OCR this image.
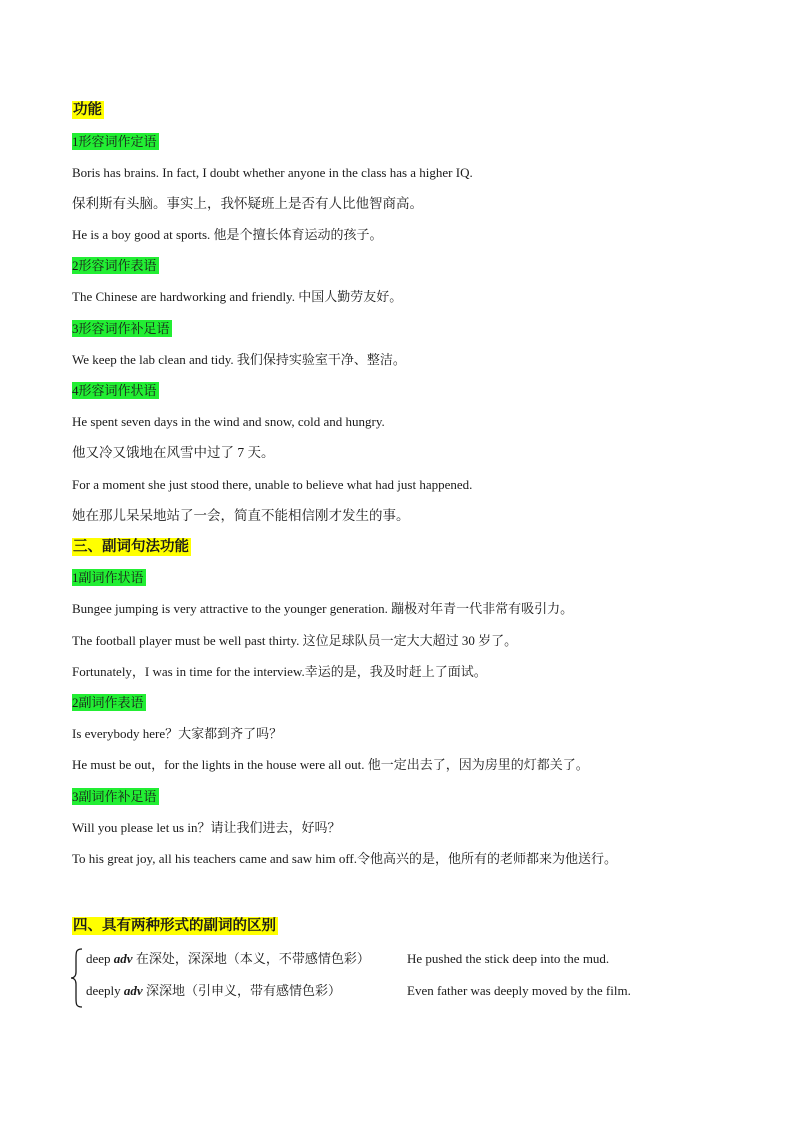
功能
1形容词作定语
Boris has brains. In fact, I doubt whether anyone in the class has a higher IQ.
保利斯有头脑。事实上，我怀疑班上是否有人比他智商高。
He is a boy good at sports. 他是个擅长体育运动的孩子。
2形容词作表语
The Chinese are hardworking and friendly. 中国人勤劳友好。
3形容词作补足语
We keep the lab clean and tidy. 我们保持实验室干净、整洁。
4形容词作状语
He spent seven days in the wind and snow, cold and hungry.
他又冷又饿地在风雪中过了 7 天。
For a moment she just stood there, unable to believe what had just happened.
她在那儿呆呆地站了一会，简直不能相信刚才发生的事。
三、副词句法功能
1副词作状语
Bungee jumping is very attractive to the younger generation. 蹦极对年青一代非常有吸引力。
The football player must be well past thirty. 这位足球队员一定大大超过 30 岁了。
Fortunately，I was in time for the interview.幸运的是，我及时赶上了面试。
2副词作表语
Is everybody here？大家都到齐了吗？
He must be out，for the lights in the house were all out. 他一定出去了，因为房里的灯都关了。
3副词作补足语
Will you please let us in？请让我们进去，好吗？
To his great joy, all his teachers came and saw him off.令他高兴的是，他所有的老师都来为他送行。
四、具有两种形式的副词的区别
deep adv 在深处，深深地（本义，不带感情色彩）	He pushed the stick deep into the mud.
deeply adv 深深地（引申义，带有感情色彩）	Even father was deeply moved by the film.
